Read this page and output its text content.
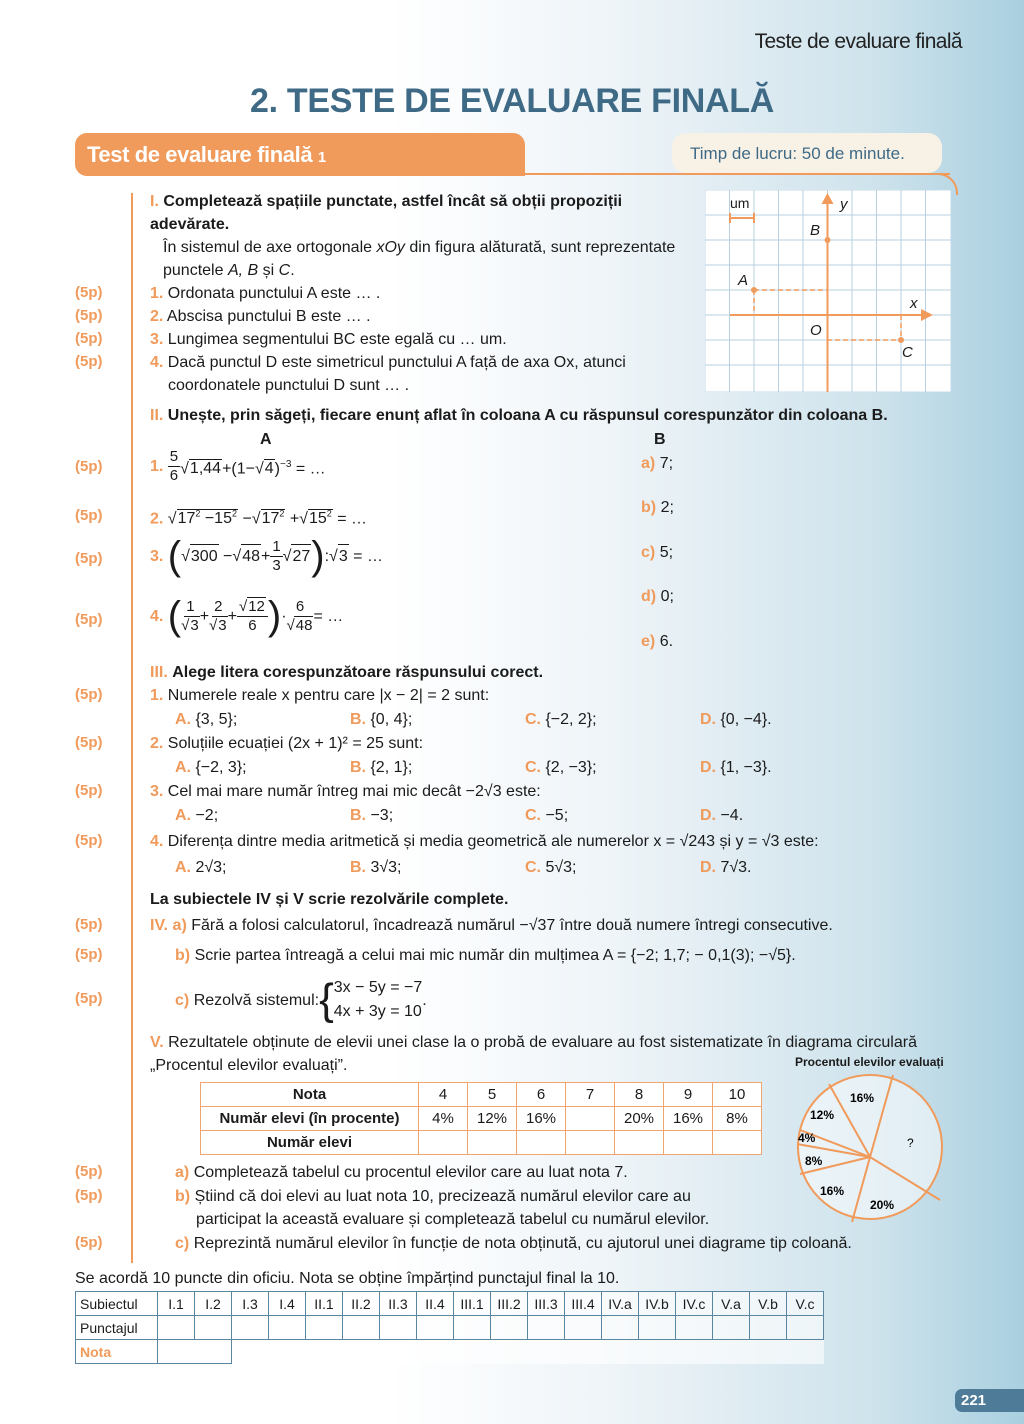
Teste de evaluare finală
2. TESTE DE EVALUARE FINALĂ
Test de evaluare finală 1	Timp de lucru: 50 de minute.
I. Completează spațiile punctate, astfel încât să obții propoziții adevărate.
În sistemul de axe ortogonale xOy din figura alăturată, sunt reprezentate punctele A, B și C.
(5p)	1. Ordonata punctului A este … .
(5p)	2. Abscisa punctului B este … .
(5p)	3. Lungimea segmentului BC este egală cu … um.
(5p)	4. Dacă punctul D este simetricul punctului A față de axa Ox, atunci coordonatele punctului D sunt … .
um	y
x
O
A
B
C
II. Unește, prin săgeți, fiecare enunț aflat în coloana A cu răspunsul corespunzător din coloana B.
A	B
(5p)	1.
$\frac{5}{6} √1,44+(1-√4)^{-3}$ = …
(5p)	2. $√17^2 -15^2 -√17^2 +√15^2$ = …
(5p)	3.
( √ 300 −√ $48 + \frac{1}{3}$ √ 27 ) :√ 3 = …
(5p)	4.
( $\frac{1}{√3} + \frac{2}{√3} + \frac{√12}{6}$ ) · $\frac{6}{√48}$ = …
a) 7;
b) 2;
c) 5;
d) 0;
e) 6.
III. Alege litera corespunzătoare răspunsului corect.
(5p)	1. Numerele reale x pentru care |x − 2| = 2 sunt:
A. {3, 5};	B. {0, 4};	C. {−2, 2};	D. {0, −4}.
(5p)	2. Soluțiile ecuației (2x + 1)² = 25 sunt:
A. {−2, 3};	B. {2, 1};	C. {2, −3};	D. {1, −3}.
(5p)	3. Cel mai mare număr întreg mai mic decât −2√3 este:
A. −2;	B. −3;	C. −5;	D. −4.
(5p)	4. Diferența dintre media aritmetică și media geometrică ale numerelor x = √243 și y = √3 este:
A. 2√3;	B. 3√3;	C. 5√3;	D. 7√3.
La subiectele IV și V scrie rezolvările complete.
(5p)	IV. a) Fără a folosi calculatorul, încadrează numărul −√37 între două numere întregi consecutive.
(5p)	b) Scrie partea întreagă a celui mai mic număr din mulțimea A = {−2; 1,7; − 0,1(3); −√5}.
(5p)	c)
Rezolvă sistemul: { 3x − 5y = −7
4x + 3y = 10
.
V. Rezultatele obținute de elevii unei clase la o probă de evaluare au fost sistematizate în diagrama circulară „Procentul elevilor evaluați”.
Nota	4	5	6	7	8	9	10
Număr elevi (în procente)	4%	12%	16%		20%	16%	8%
Număr elevi							
Procentul elevilor evaluați
16%
?
20%
16%
8%
4%
12%
(5p)	a) Completează tabelul cu procentul elevilor care au luat nota 7.
(5p)	b) Știind că doi elevi au luat nota 10, precizează numărul elevilor care au
participat la această evaluare și completează tabelul cu numărul elevilor.
(5p)	c) Reprezintă numărul elevilor în funcție de nota obținută, cu ajutorul unei diagrame tip coloană.
Se acordă 10 puncte din oficiu. Nota se obține împărțind punctajul final la 10.
Subiectul	I.1	I.2	I.3	I.4	II.1	II.2	II.3	II.4	III.1	III.2	III.3	III.4	IV.a	IV.b	IV.c	V.a	V.b	V.c
Punctajul																		
Nota																		
221
